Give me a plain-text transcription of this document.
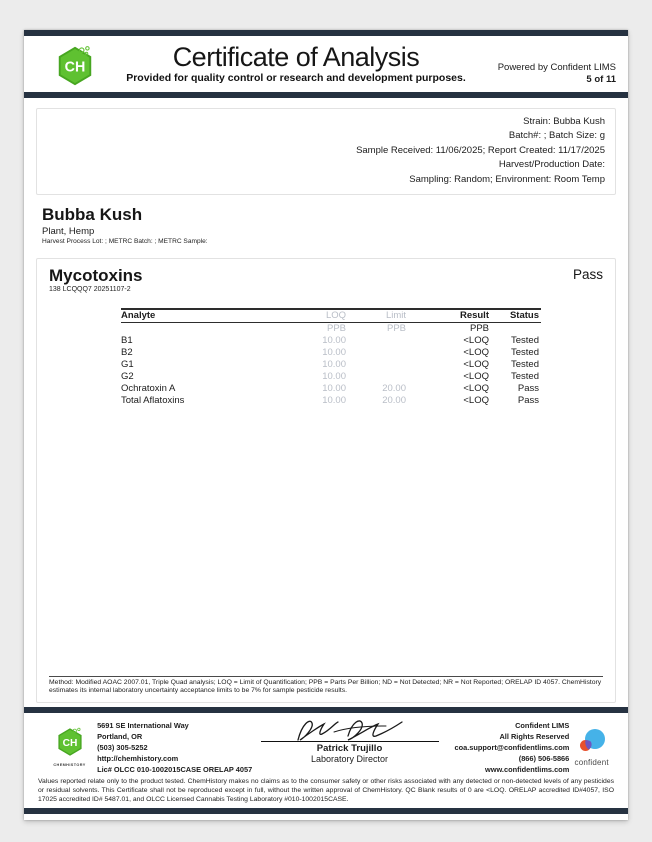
CH	Certificate of Analysis
Provided for quality control or research and development purposes.
Powered by Confident LIMS
5 of 11
Strain: Bubba Kush
Batch#: ; Batch Size: g
Sample Received: 11/06/2025; Report Created: 11/17/2025
Harvest/Production Date:
Sampling: Random; Environment: Room Temp
Bubba Kush
Plant, Hemp
Harvest Process Lot: ; METRC Batch: ; METRC Sample:
Mycotoxins
138 LCQQQ7 20251107-2
Pass
Analyte	LOQ	Limit	Result	Status
	PPB	PPB	PPB	
B1	10.00		<LOQ	Tested
B2	10.00		<LOQ	Tested
G1	10.00		<LOQ	Tested
G2	10.00		<LOQ	Tested
Ochratoxin A	10.00	20.00	<LOQ	Pass
Total Aflatoxins	10.00	20.00	<LOQ	Pass
Method: Modified AOAC 2007.01, Triple Quad analysis; LOQ = Limit of Quantification; PPB = Parts Per Billion; ND = Not Detected; NR = Not Reported; ORELAP ID 4057. ChemHistory estimates its internal laboratory uncertainty acceptance limits to be 7% for sample pesticide results.
CH
CHEMHISTORY
5691 SE International Way
Portland, OR
(503) 305-5252
http://chemhistory.com
Lic# OLCC 010-1002015CASE ORELAP 4057
Patrick Trujillo
Laboratory Director
Confident LIMS
All Rights Reserved
coa.support@confidentlims.com
(866) 506-5866
www.confidentlims.com
confident
Values reported relate only to the product tested. ChemHistory makes no claims as to the consumer safety or other risks associated with any detected or non-detected levels of any pesticides or residual solvents. This Certificate shall not be reproduced except in full, without the written approval of ChemHistory. QC Blank results of 0 are <LOQ. ORELAP accredited ID#4057, ISO 17025 accredited ID# 5487.01, and OLCC Licensed Cannabis Testing Laboratory #010-1002015CASE.
